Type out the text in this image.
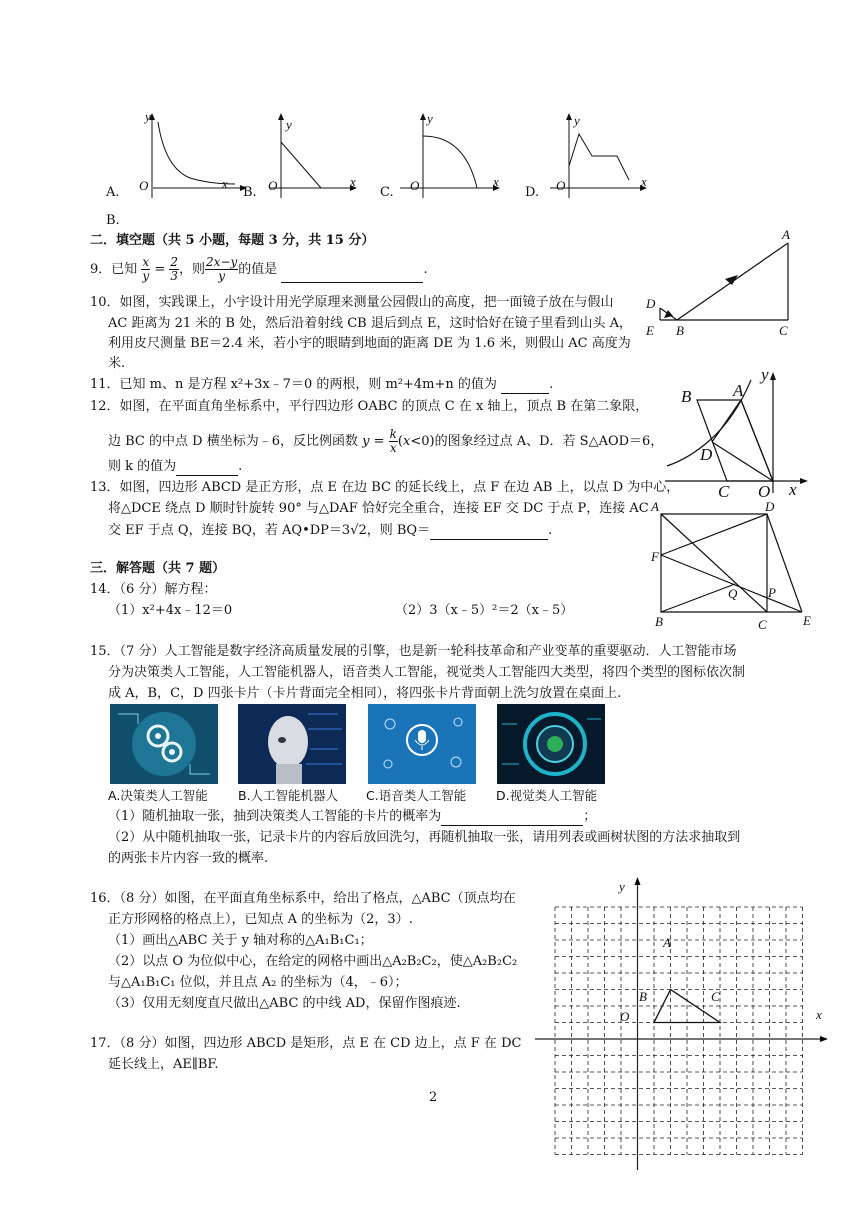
A.
y
O	x
B.
y
O	x
C.
y
O	x
D.
y
O	x
B.
二．填空题（共 5 小题，每题 3 分，共 15 分）
9．已知 $\frac{x}{y} = \frac{2}{3}$ ，则 $\frac{2x-y}{y}$ 的值是	.
A
B	C
D
E
10．如图，实践课上，小宇设计用光学原理来测量公园假山的高度，把一面镜子放在与假山
AC 距离为 21 米的 B 处，然后沿着射线 CB 退后到点 E，这时恰好在镜子里看到山头 A，
利用皮尺测量 BE＝2.4 米，若小宇的眼睛到地面的距离 DE 为 1.6 米，则假山 AC 高度为
米.
11．已知 m、n 是方程 x²+3x﹣7＝0 的两根，则 m²+4m+n 的值为	.
12．如图，在平面直角坐标系中，平行四边形 OABC 的顶点 C 在 x 轴上，顶点 B 在第二象限，
边 BC 的中点 D 横坐标为﹣6，反比例函数 $y = \frac{k}{x} (x<0)$的图象经过点 A、D．若 S△AOD＝6，
则 k 的值为	.
B A
D
C O x
y
13．如图，四边形 ABCD 是正方形，点 E 在边 BC 的延长线上，点 F 在边 AB 上，以点 D 为中心，
将△DCE 绕点 D 顺时针旋转 90° 与△DAF 恰好完全重合，连接 EF 交 DC 于点 P，连接 AC
交 EF 于点 Q，连接 BQ，若 AQ•DP＝3√2，则 BQ＝	.
A	D
F
Q P
B	C	E
三．解答题（共 7 题）
14．（6 分）解方程：
（1）x²+4x﹣12＝0	（2）3（x﹣5）²＝2（x﹣5）
15．（7 分）人工智能是数字经济高质量发展的引擎，也是新一轮科技革命和产业变革的重要驱动．人工智能市场
分为决策类人工智能，人工智能机器人，语音类人工智能，视觉类人工智能四大类型，将四个类型的图标依次制
成 A，B，C，D 四张卡片（卡片背面完全相同），将四张卡片背面朝上洗匀放置在桌面上.
A.决策类人工智能 B.人工智能机器人 C.语音类人工智能 D.视觉类人工智能
（1）随机抽取一张，抽到决策类人工智能的卡片的概率为	；
（2）从中随机抽取一张，记录卡片的内容后放回洗匀，再随机抽取一张，请用列表或画树状图的方法求抽取到
的两张卡片内容一致的概率.
16．（8 分）如图，在平面直角坐标系中，给出了格点，△ABC（顶点均在
正方形网格的格点上），已知点 A 的坐标为（2，3）.
（1）画出△ABC 关于 y 轴对称的△A₁B₁C₁；
（2）以点 O 为位似中心，在给定的网格中画出△A₂B₂C₂，使△A₂B₂C₂
与△A₁B₁C₁ 位似，并且点 A₂ 的坐标为（4，﹣6）；
（3）仅用无刻度直尺做出△ABC 的中线 AD，保留作图痕迹.
y
x
O
A
B	C
17．（8 分）如图，四边形 ABCD 是矩形，点 E 在 CD 边上，点 F 在 DC
延长线上，AE∥BF.
2
